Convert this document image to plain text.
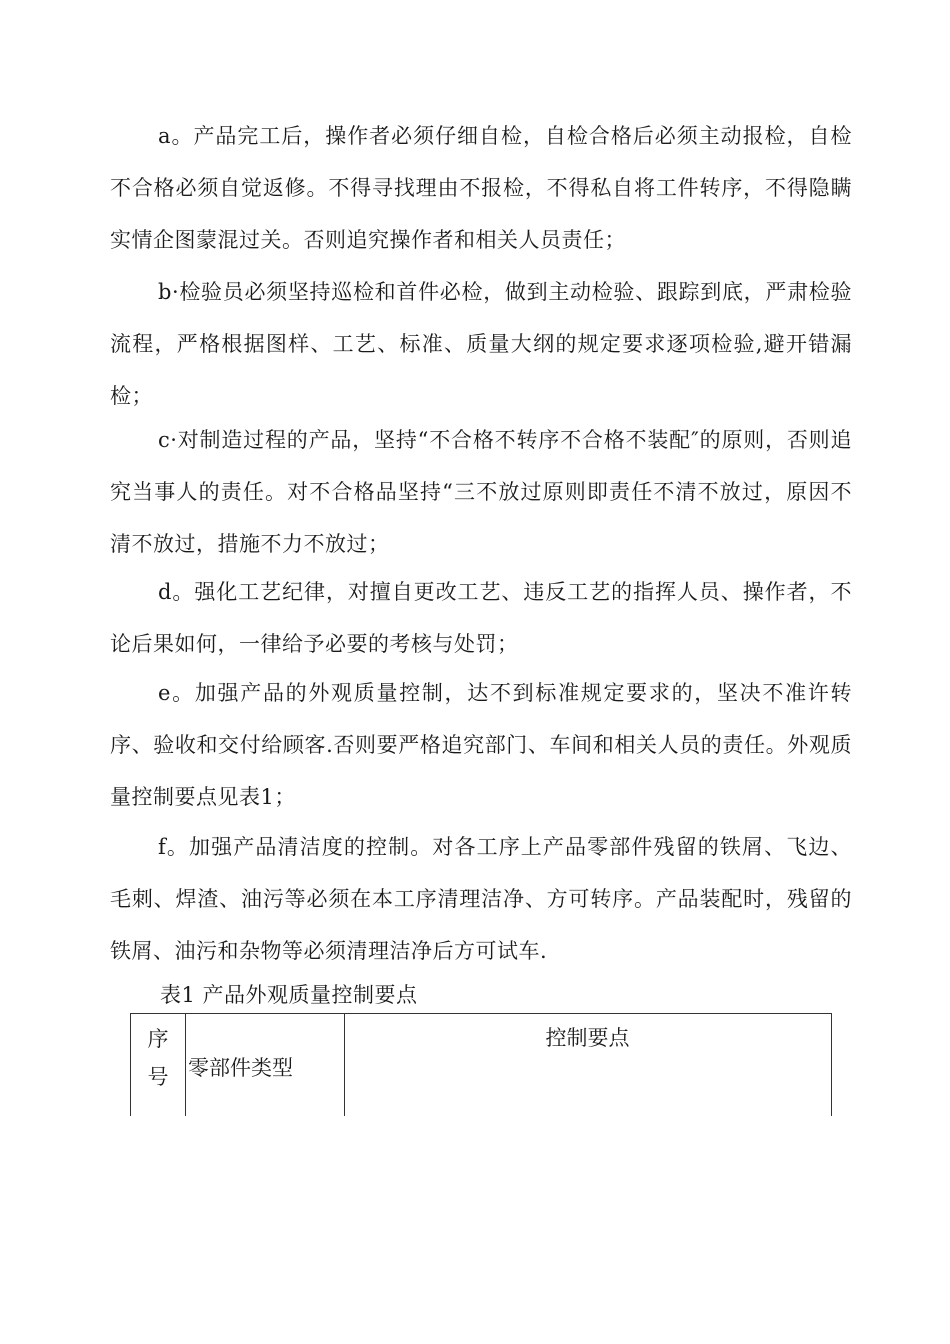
a。产品完工后，操作者必须仔细自检，自检合格后必须主动报检，自检不合格必须自觉返修。不得寻找理由不报检，不得私自将工件转序，不得隐瞒实情企图蒙混过关。否则追究操作者和相关人员责任；

b·检验员必须坚持巡检和首件必检，做到主动检验、跟踪到底，严肃检验流程，严格根据图样、工艺、标准、质量大纲的规定要求逐项检验,避开错漏检；

c·对制造过程的产品，坚持“不合格不转序不合格不装配″的原则，否则追究当事人的责任。对不合格品坚持“三不放过原则即责任不清不放过，原因不清不放过，措施不力不放过；

d。强化工艺纪律，对擅自更改工艺、违反工艺的指挥人员、操作者，不论后果如何，一律给予必要的考核与处罚；

e。加强产品的外观质量控制，达不到标准规定要求的，坚决不准许转序、验收和交付给顾客.否则要严格追究部门、车间和相关人员的责任。外观质量控制要点见表1；

f。加强产品清洁度的控制。对各工序上产品零部件残留的铁屑、飞边、毛刺、焊渣、油污等必须在本工序清理洁净、方可转序。产品装配时，残留的铁屑、油污和杂物等必须清理洁净后方可试车.

表1 产品外观质量控制要点
序
号 零部件类型
控制要点
